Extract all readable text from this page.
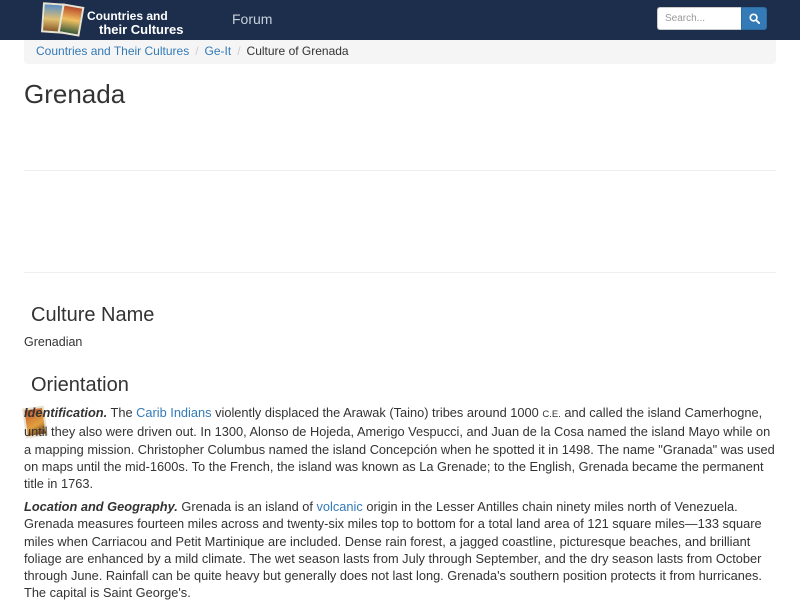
Countries and
their Cultures
Forum
Search...
Countries and Their Cultures / Ge-It / Culture of Grenada
Grenada
Culture Name

Grenadian

Orientation

Identification. The Carib Indians violently displaced the Arawak (Taino) tribes around 1000 C.E. and called the island Camerhogne, until they also were driven out. In 1300, Alonso de Hojeda, Amerigo Vespucci, and Juan de la Cosa named the island Mayo while on a mapping mission. Christopher Columbus named the island Concepción when he spotted it in 1498. The name "Granada" was used on maps until the mid-1600s. To the French, the island was known as La Grenade; to the English, Grenada became the permanent title in 1763.

Location and Geography. Grenada is an island of volcanic origin in the Lesser Antilles chain ninety miles north of Venezuela. Grenada measures fourteen miles across and twenty-six miles top to bottom for a total land area of 121 square miles—133 square miles when Carriacou and Petit Martinique are included. Dense rain forest, a jagged coastline, picturesque beaches, and brilliant foliage are enhanced by a mild climate. The wet season lasts from July through September, and the dry season lasts from October through June. Rainfall can be quite heavy but generally does not last long. Grenada's southern position protects it from hurricanes. The capital is Saint George's.
